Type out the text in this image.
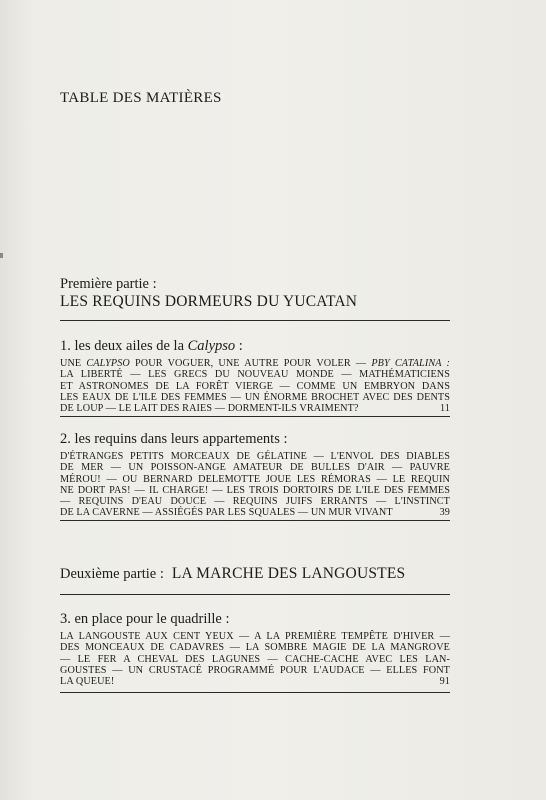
TABLE DES MATIÈRES
Première partie :
LES REQUINS DORMEURS DU YUCATAN
1. les deux ailes de la Calypso :
UNE CALYPSO POUR VOGUER, UNE AUTRE POUR VOLER — PBY CATALINA :
LA LIBERTÉ — LES GRECS DU NOUVEAU MONDE — MATHÉMATICIENS
ET ASTRONOMES DE LA FORÊT VIERGE — COMME UN EMBRYON DANS
LES EAUX DE L'ILE DES FEMMES — UN ÉNORME BROCHET AVEC DES DENTS
DE LOUP — LE LAIT DES RAIES — DORMENT-ILS VRAIMENT?	11
2. les requins dans leurs appartements :
D'ÉTRANGES PETITS MORCEAUX DE GÉLATINE — L'ENVOL DES DIABLES
DE MER — UN POISSON-ANGE AMATEUR DE BULLES D'AIR — PAUVRE
MÉROU! — OU BERNARD DELEMOTTE JOUE LES RÉMORAS — LE REQUIN
NE DORT PAS! — IL CHARGE! — LES TROIS DORTOIRS DE L'ILE DES FEMMES
— REQUINS D'EAU DOUCE — REQUINS JUIFS ERRANTS — L'INSTINCT
DE LA CAVERNE — ASSIÉGÉS PAR LES SQUALES — UN MUR VIVANT	39
Deuxième partie : LA MARCHE DES LANGOUSTES
3. en place pour le quadrille :
LA LANGOUSTE AUX CENT YEUX — A LA PREMIÈRE TEMPÊTE D'HIVER —
DES MONCEAUX DE CADAVRES — LA SOMBRE MAGIE DE LA MANGROVE
— LE FER A CHEVAL DES LAGUNES — CACHE-CACHE AVEC LES LAN-
GOUSTES — UN CRUSTACÉ PROGRAMMÉ POUR L'AUDACE — ELLES FONT
LA QUEUE!	91
